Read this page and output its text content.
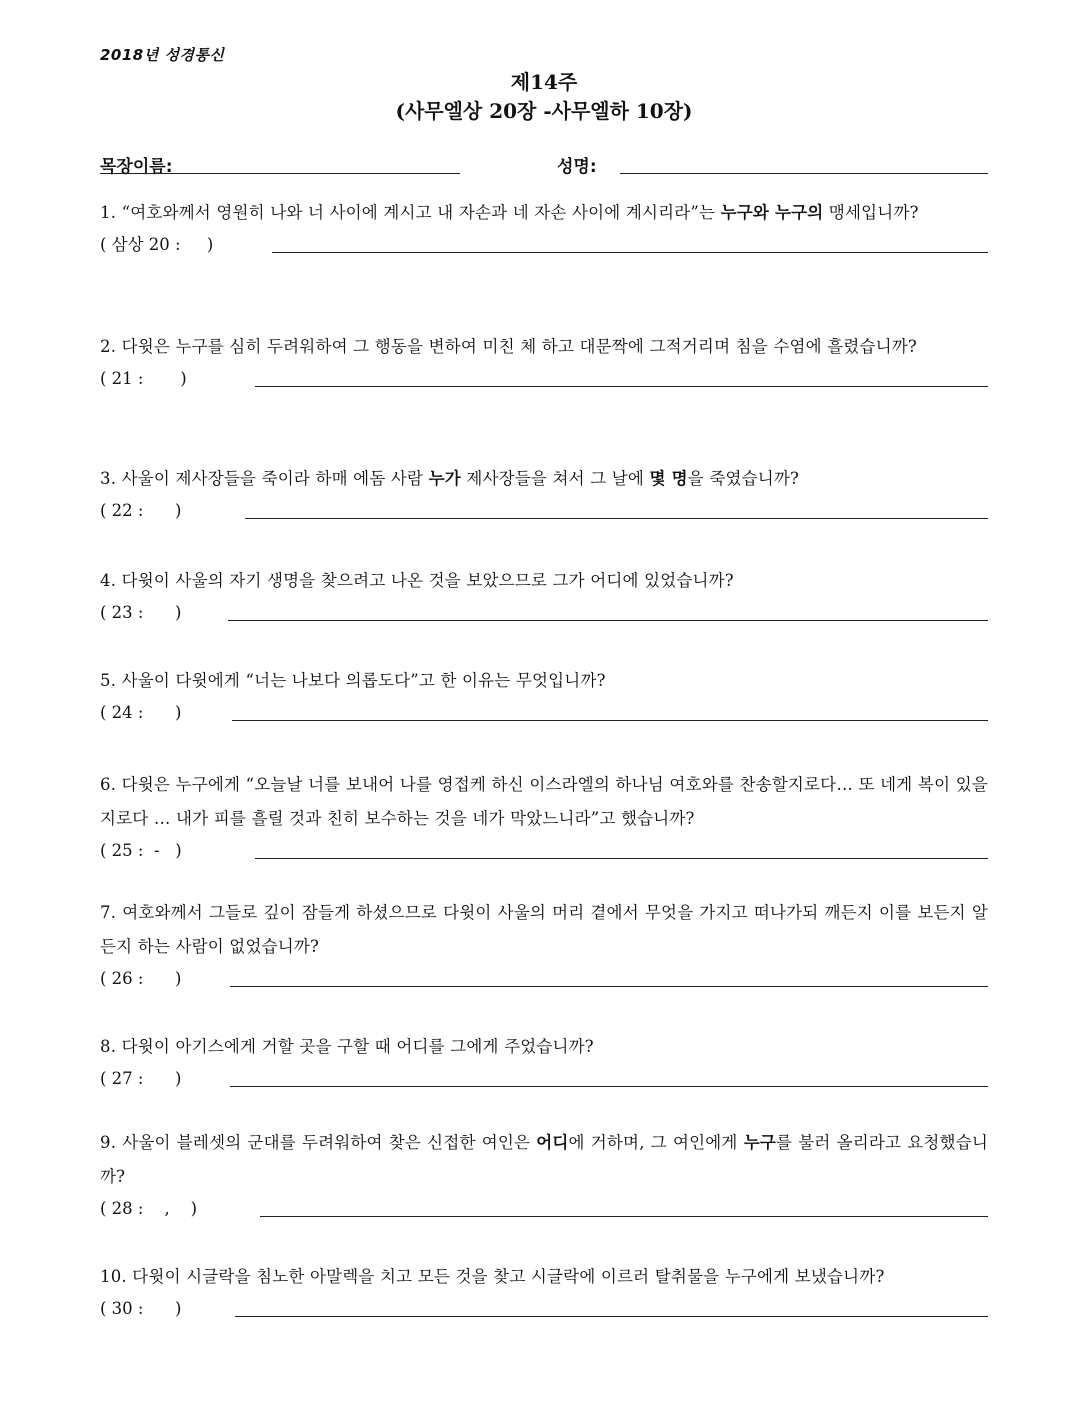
2018년 성경통신
제14주
(사무엘상 20장 -사무엘하 10장)
목장이름:	성명:
1. “여호와께서 영원히 나와 너 사이에 계시고 내 자손과 네 자손 사이에 계시리라”는 누구와 누구의 맹세입니까?
( 삼상 20 :     )
2. 다윗은 누구를 심히 두려워하여 그 행동을 변하여 미친 체 하고 대문짝에 그적거리며 침을 수염에 흘렸습니까?
( 21 :       )
3. 사울이 제사장들을 죽이라 하매 에돔 사람 누가 제사장들을 쳐서 그 날에 몇 명을 죽였습니까?
( 22 :      )
4. 다윗이 사울의 자기 생명을 찾으려고 나온 것을 보았으므로 그가 어디에 있었습니까?
( 23 :      )
5. 사울이 다윗에게 “너는 나보다 의롭도다”고 한 이유는 무엇입니까?
( 24 :      )
6. 다윗은 누구에게 “오늘날 너를 보내어 나를 영접케 하신 이스라엘의 하나님 여호와를 찬송할지로다… 또 네게 복이 있을지로다 … 내가 피를 흘릴 것과 친히 보수하는 것을 네가 막았느니라”고 했습니까?
( 25 :  -   )
7. 여호와께서 그들로 깊이 잠들게 하셨으므로 다윗이 사울의 머리 곁에서 무엇을 가지고 떠나가되 깨든지 이를 보든지 알든지 하는 사람이 없었습니까?
( 26 :      )
8. 다윗이 아기스에게 거할 곳을 구할 때 어디를 그에게 주었습니까?
( 27 :      )
9. 사울이 블레셋의 군대를 두려워하여 찾은 신접한 여인은 어디에 거하며, 그 여인에게 누구를 불러 올리라고 요청했습니까?
( 28 :    ,    )
10. 다윗이 시글락을 침노한 아말렉을 치고 모든 것을 찾고 시글락에 이르러 탈취물을 누구에게 보냈습니까?
( 30 :      )
